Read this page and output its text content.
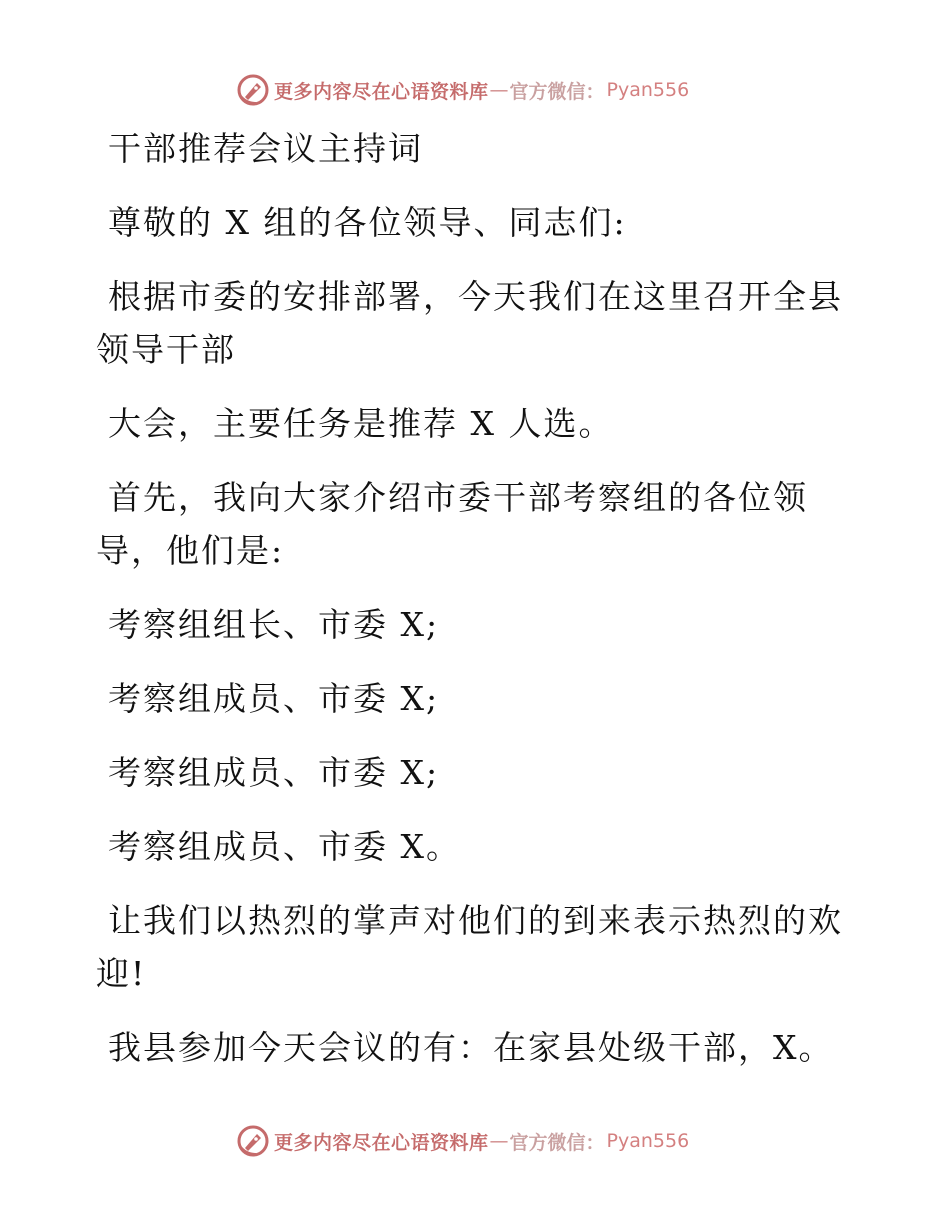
更多内容尽在心语资料库 — 官方微信： Pyan556

干部推荐会议主持词

尊敬的 X 组的各位领导、同志们:

根据市委的安排部署，今天我们在这里召开全县领导干部

大会，主要任务是推荐 X 人选。

首先，我向大家介绍市委干部考察组的各位领导，他们是:

考察组组长、市委 X;

考察组成员、市委 X;

考察组成员、市委 X;

考察组成员、市委 X。

让我们以热烈的掌声对他们的到来表示热烈的欢迎!

我县参加今天会议的有：在家县处级干部，X。

更多内容尽在心语资料库 — 官方微信： Pyan556
